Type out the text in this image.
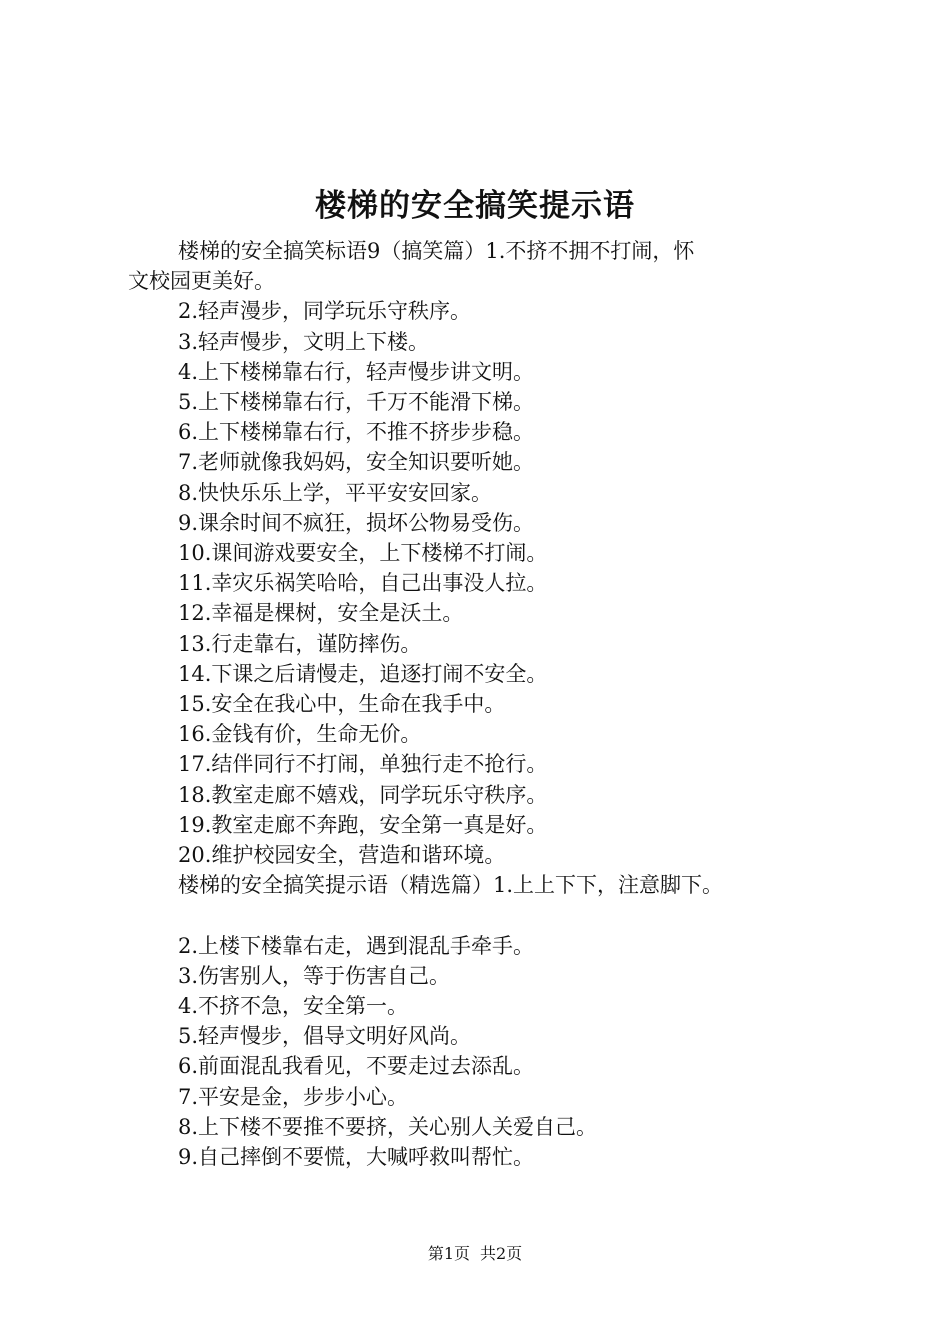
楼梯的安全搞笑提示语
楼梯的安全搞笑标语9（搞笑篇）1.不挤不拥不打闹，怀
文校园更美好。
2.轻声漫步，同学玩乐守秩序。
3.轻声慢步，文明上下楼。
4.上下楼梯靠右行，轻声慢步讲文明。
5.上下楼梯靠右行，千万不能滑下梯。
6.上下楼梯靠右行，不推不挤步步稳。
7.老师就像我妈妈，安全知识要听她。
8.快快乐乐上学，平平安安回家。
9.课余时间不疯狂，损坏公物易受伤。
10.课间游戏要安全，上下楼梯不打闹。
11.幸灾乐祸笑哈哈，自己出事没人拉。
12.幸福是棵树，安全是沃土。
13.行走靠右，谨防摔伤。
14.下课之后请慢走，追逐打闹不安全。
15.安全在我心中，生命在我手中。
16.金钱有价，生命无价。
17.结伴同行不打闹，单独行走不抢行。
18.教室走廊不嬉戏，同学玩乐守秩序。
19.教室走廊不奔跑，安全第一真是好。
20.维护校园安全，营造和谐环境。
楼梯的安全搞笑提示语（精选篇）1.上上下下，注意脚下。
2.上楼下楼靠右走，遇到混乱手牵手。
3.伤害别人，等于伤害自己。
4.不挤不急，安全第一。
5.轻声慢步，倡导文明好风尚。
6.前面混乱我看见，不要走过去添乱。
7.平安是金，步步小心。
8.上下楼不要推不要挤，关心别人关爱自己。
9.自己摔倒不要慌，大喊呼救叫帮忙。
第1页 共2页
